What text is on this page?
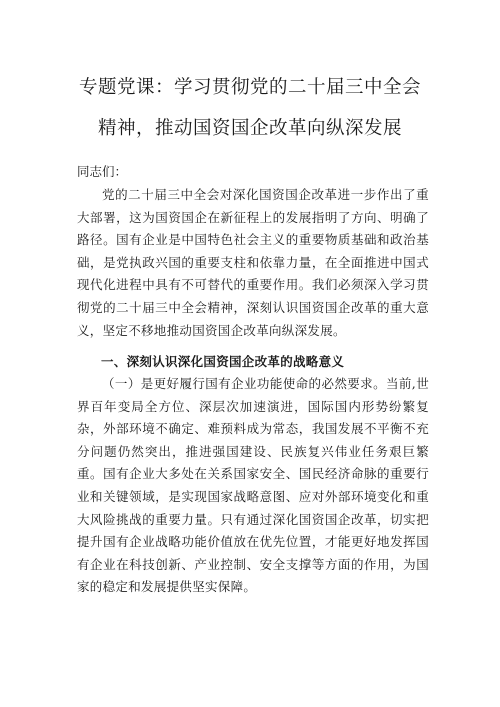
专题党课：学习贯彻党的二十届三中全会
精神，推动国资国企改革向纵深发展
同志们：

党的二十届三中全会对深化国资国企改革进一步作出了重大部署，这为国资国企在新征程上的发展指明了方向、明确了路径。国有企业是中国特色社会主义的重要物质基础和政治基础，是党执政兴国的重要支柱和依靠力量，在全面推进中国式现代化进程中具有不可替代的重要作用。我们必须深入学习贯彻党的二十届三中全会精神，深刻认识国资国企改革的重大意义，坚定不移地推动国资国企改革向纵深发展。

一、深刻认识深化国资国企改革的战略意义

（一）是更好履行国有企业功能使命的必然要求。当前,世界百年变局全方位、深层次加速演进，国际国内形势纷繁复杂，外部环境不确定、难预料成为常态，我国发展不平衡不充分问题仍然突出，推进强国建设、民族复兴伟业任务艰巨繁重。国有企业大多处在关系国家安全、国民经济命脉的重要行业和关键领域，是实现国家战略意图、应对外部环境变化和重大风险挑战的重要力量。只有通过深化国资国企改革，切实把提升国有企业战略功能价值放在优先位置，才能更好地发挥国有企业在科技创新、产业控制、安全支撑等方面的作用，为国家的稳定和发展提供坚实保障。
